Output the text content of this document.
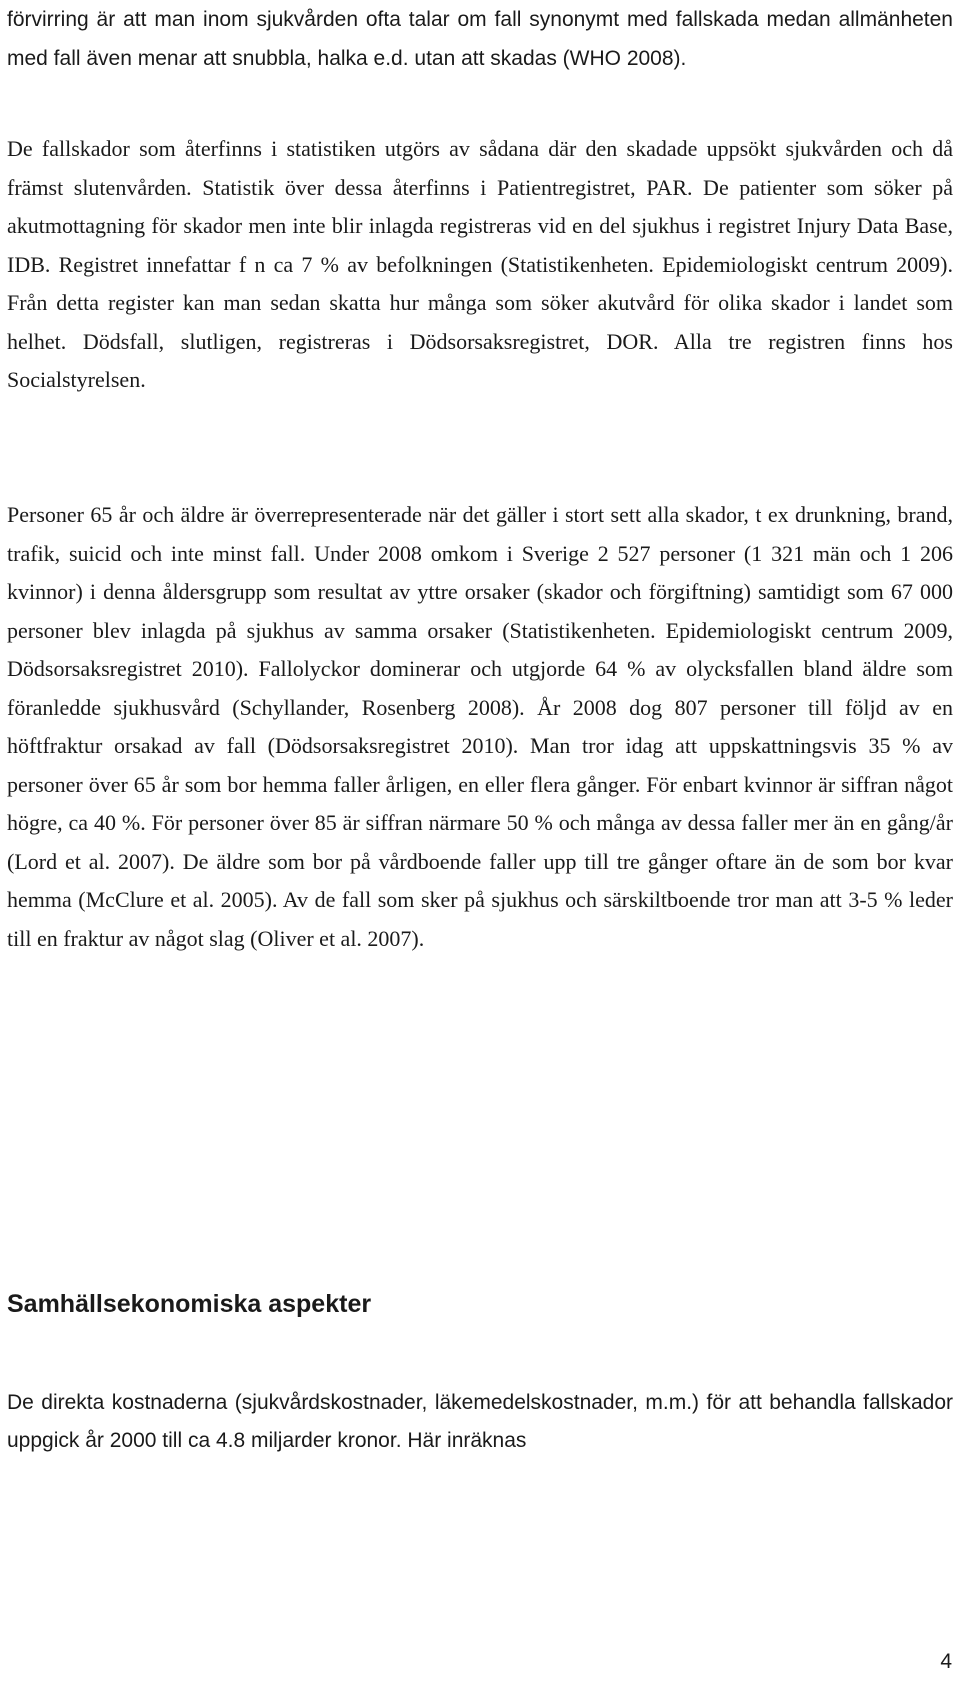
förvirring är att man inom sjukvården ofta talar om fall synonymt med fallskada medan allmänheten med fall även menar att snubbla, halka e.d. utan att skadas (WHO 2008).

De fallskador som återfinns i statistiken utgörs av sådana där den skadade uppsökt sjukvården och då främst slutenvården. Statistik över dessa återfinns i Patientregistret, PAR. De patienter som söker på akutmottagning för skador men inte blir inlagda registreras vid en del sjukhus i registret Injury Data Base, IDB. Registret innefattar f n ca 7 % av befolkningen (Statistikenheten. Epidemiologiskt centrum 2009). Från detta register kan man sedan skatta hur många som söker akutvård för olika skador i landet som helhet. Dödsfall, slutligen, registreras i Dödsorsaksregistret, DOR. Alla tre registren finns hos Socialstyrelsen.

Personer 65 år och äldre är överrepresenterade när det gäller i stort sett alla skador, t ex drunkning, brand, trafik, suicid och inte minst fall. Under 2008 omkom i Sverige 2 527 personer (1 321 män och 1 206 kvinnor) i denna åldersgrupp som resultat av yttre orsaker (skador och förgiftning) samtidigt som 67 000 personer blev inlagda på sjukhus av samma orsaker (Statistikenheten. Epidemiologiskt centrum 2009, Dödsorsaksregistret 2010). Fallolyckor dominerar och utgjorde 64 % av olycksfallen bland äldre som föranledde sjukhusvård (Schyllander, Rosenberg 2008). År 2008 dog 807 personer till följd av en höftfraktur orsakad av fall (Dödsorsaksregistret 2010). Man tror idag att uppskattningsvis 35 % av personer över 65 år som bor hemma faller årligen, en eller flera gånger. För enbart kvinnor är siffran något högre, ca 40 %. För personer över 85 är siffran närmare 50 % och många av dessa faller mer än en gång/år (Lord et al. 2007). De äldre som bor på vårdboende faller upp till tre gånger oftare än de som bor kvar hemma (McClure et al. 2005). Av de fall som sker på sjukhus och särskiltboende tror man att 3-5 % leder till en fraktur av något slag (Oliver et al. 2007).

Samhällsekonomiska aspekter

De direkta kostnaderna (sjukvårdskostnader, läkemedelskostnader, m.m.) för att behandla fallskador uppgick år 2000 till ca 4.8 miljarder kronor. Här inräknas

4
